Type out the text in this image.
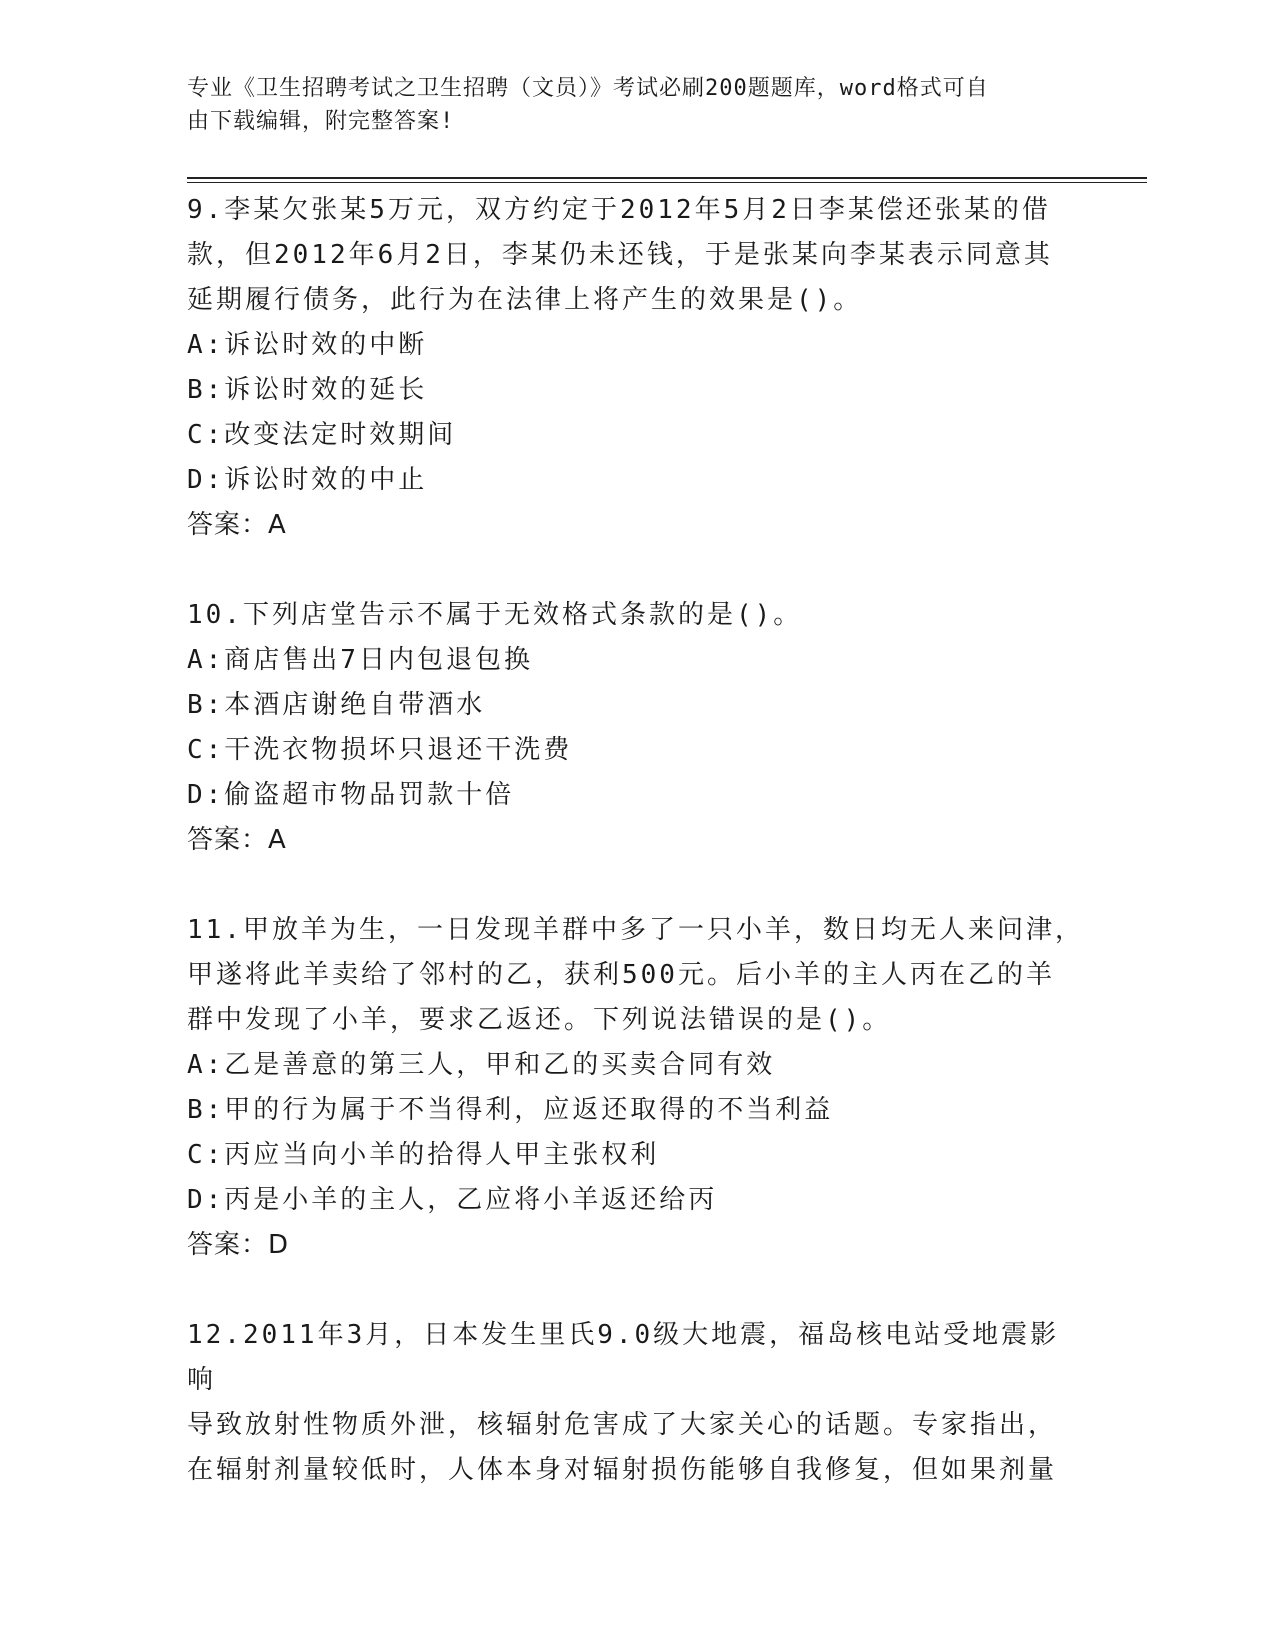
专业《卫生招聘考试之卫生招聘（文员）》考试必刷200题题库，word格式可自
由下载编辑，附完整答案!
9.李某欠张某5万元，双方约定于2012年5月2日李某偿还张某的借
款，但2012年6月2日，李某仍未还钱，于是张某向李某表示同意其
延期履行债务，此行为在法律上将产生的效果是()。
A:诉讼时效的中断
B:诉讼时效的延长
C:改变法定时效期间
D:诉讼时效的中止
答案：A
10.下列店堂告示不属于无效格式条款的是()。
A:商店售出7日内包退包换
B:本酒店谢绝自带酒水
C:干洗衣物损坏只退还干洗费
D:偷盗超市物品罚款十倍
答案：A
11.甲放羊为生，一日发现羊群中多了一只小羊，数日均无人来问津，
甲遂将此羊卖给了邻村的乙，获利500元。后小羊的主人丙在乙的羊
群中发现了小羊，要求乙返还。下列说法错误的是()。
A:乙是善意的第三人，甲和乙的买卖合同有效
B:甲的行为属于不当得利，应返还取得的不当利益
C:丙应当向小羊的拾得人甲主张权利
D:丙是小羊的主人，乙应将小羊返还给丙
答案：D
12.2011年3月，日本发生里氏9.0级大地震，福岛核电站受地震影响
导致放射性物质外泄，核辐射危害成了大家关心的话题。专家指出，
在辐射剂量较低时，人体本身对辐射损伤能够自我修复，但如果剂量
